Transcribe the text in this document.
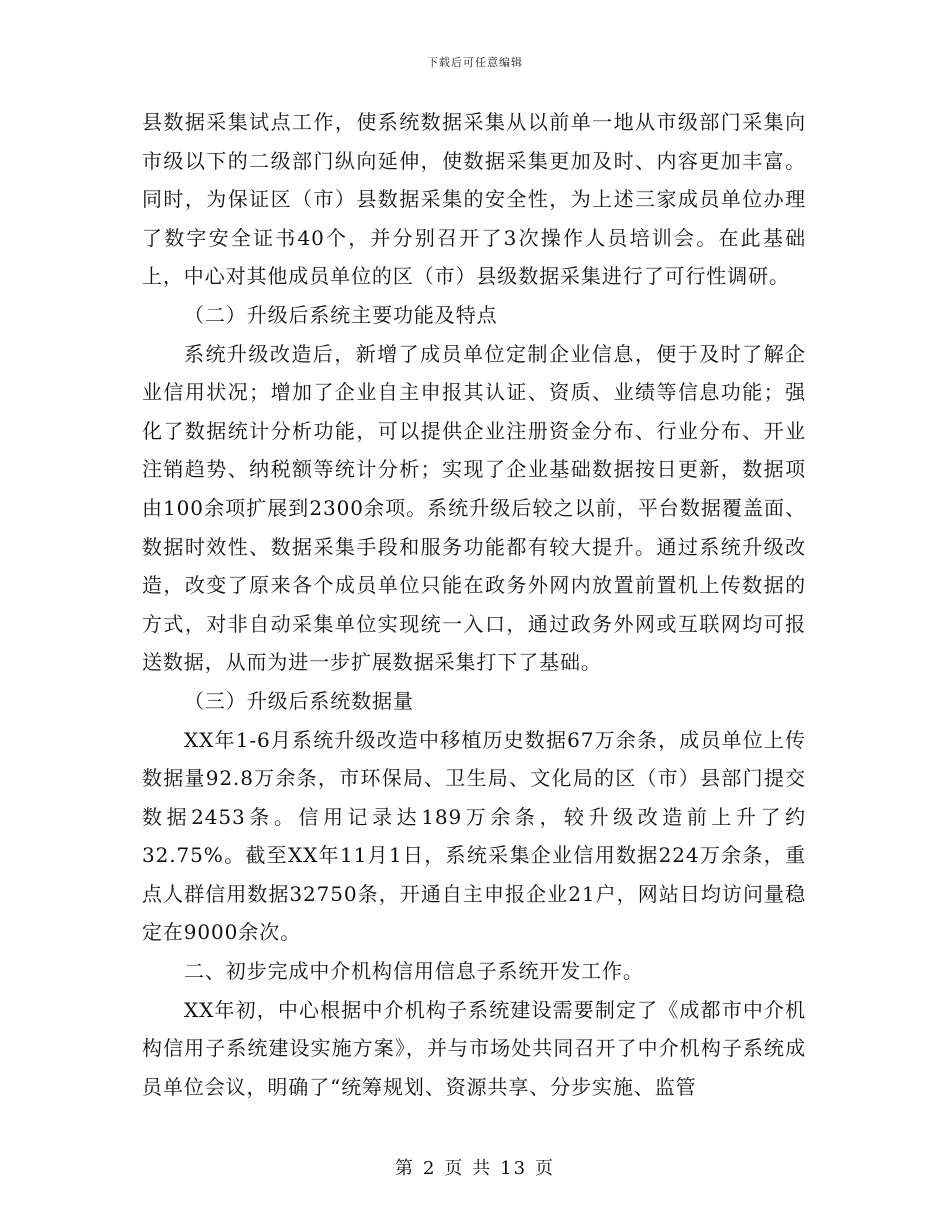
下载后可任意编辑

县数据采集试点工作，使系统数据采集从以前单一地从市级部门采集向市级以下的二级部门纵向延伸，使数据采集更加及时、内容更加丰富。同时，为保证区（市）县数据采集的安全性，为上述三家成员单位办理了数字安全证书40个，并分别召开了3次操作人员培训会。在此基础上，中心对其他成员单位的区（市）县级数据采集进行了可行性调研。

（二）升级后系统主要功能及特点

系统升级改造后，新增了成员单位定制企业信息，便于及时了解企业信用状况；增加了企业自主申报其认证、资质、业绩等信息功能；强化了数据统计分析功能，可以提供企业注册资金分布、行业分布、开业注销趋势、纳税额等统计分析；实现了企业基础数据按日更新，数据项由100余项扩展到2300余项。系统升级后较之以前，平台数据覆盖面、数据时效性、数据采集手段和服务功能都有较大提升。通过系统升级改造，改变了原来各个成员单位只能在政务外网内放置前置机上传数据的方式，对非自动采集单位实现统一入口，通过政务外网或互联网均可报送数据，从而为进一步扩展数据采集打下了基础。

（三）升级后系统数据量

XX年1-6月系统升级改造中移植历史数据67万余条，成员单位上传数据量92.8万余条，市环保局、卫生局、文化局的区（市）县部门提交数据2453条。信用记录达189万余条，较升级改造前上升了约32.75%。截至XX年11月1日，系统采集企业信用数据224万余条，重点人群信用数据32750条，开通自主申报企业21户，网站日均访问量稳定在9000余次。

二、初步完成中介机构信用信息子系统开发工作。

XX年初，中心根据中介机构子系统建设需要制定了《成都市中介机构信用子系统建设实施方案》，并与市场处共同召开了中介机构子系统成员单位会议，明确了“统筹规划、资源共享、分步实施、监管

第 2 页 共 13 页
